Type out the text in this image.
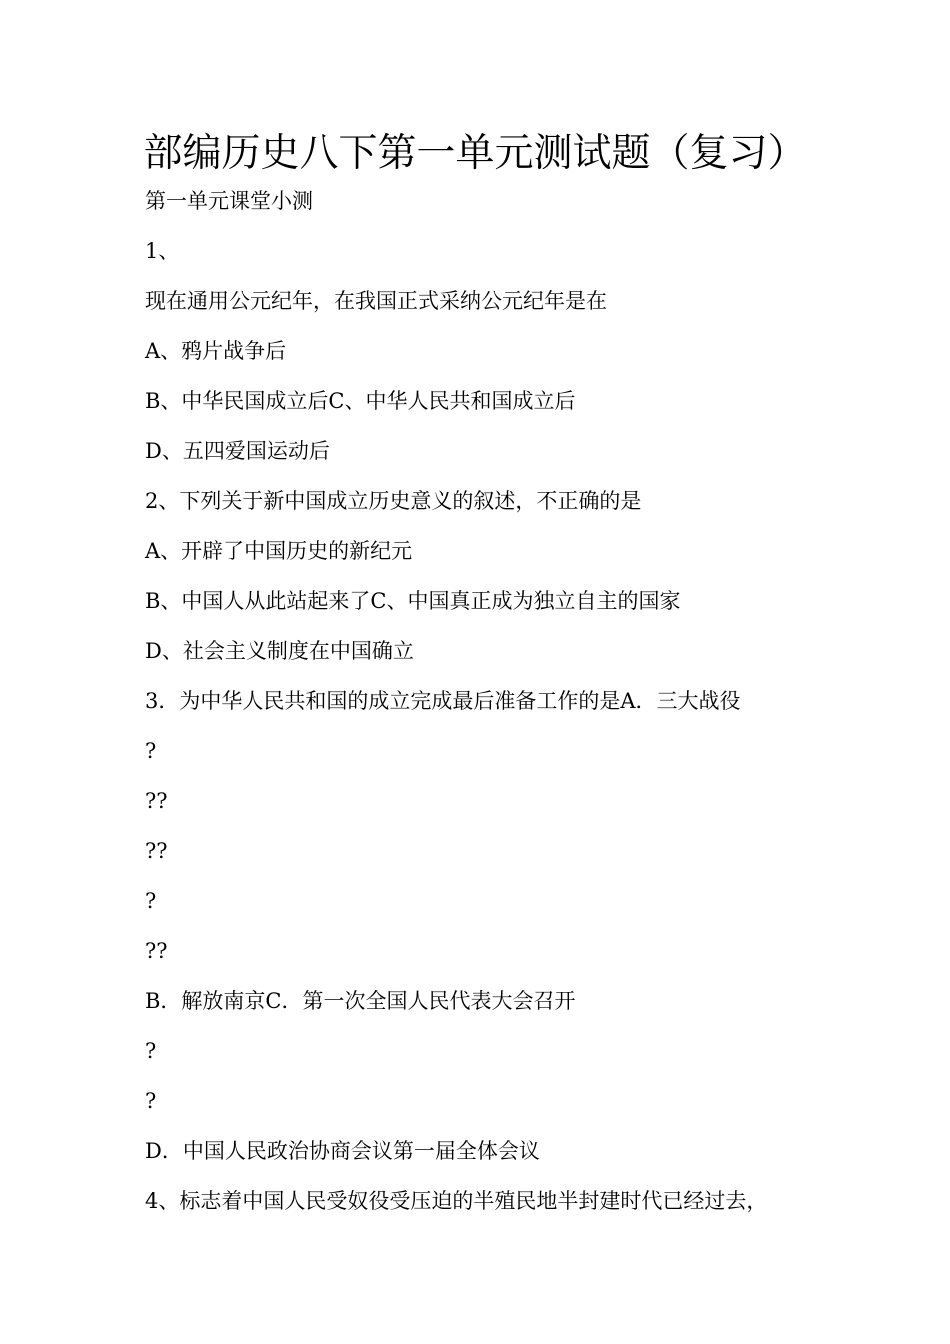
部编历史八下第一单元测试题（复习）
第一单元课堂小测
1、
现在通用公元纪年，在我国正式采纳公元纪年是在
A、鸦片战争后
B、中华民国成立后C、中华人民共和国成立后
D、五四爱国运动后
2、下列关于新中国成立历史意义的叙述，不正确的是
A、开辟了中国历史的新纪元
B、中国人从此站起来了C、中国真正成为独立自主的国家
D、社会主义制度在中国确立
3．为中华人民共和国的成立完成最后准备工作的是A．三大战役
?
??
??
?
??
B．解放南京C．第一次全国人民代表大会召开
?
?
D．中国人民政治协商会议第一届全体会议
4、标志着中国人民受奴役受压迫的半殖民地半封建时代已经过去，
